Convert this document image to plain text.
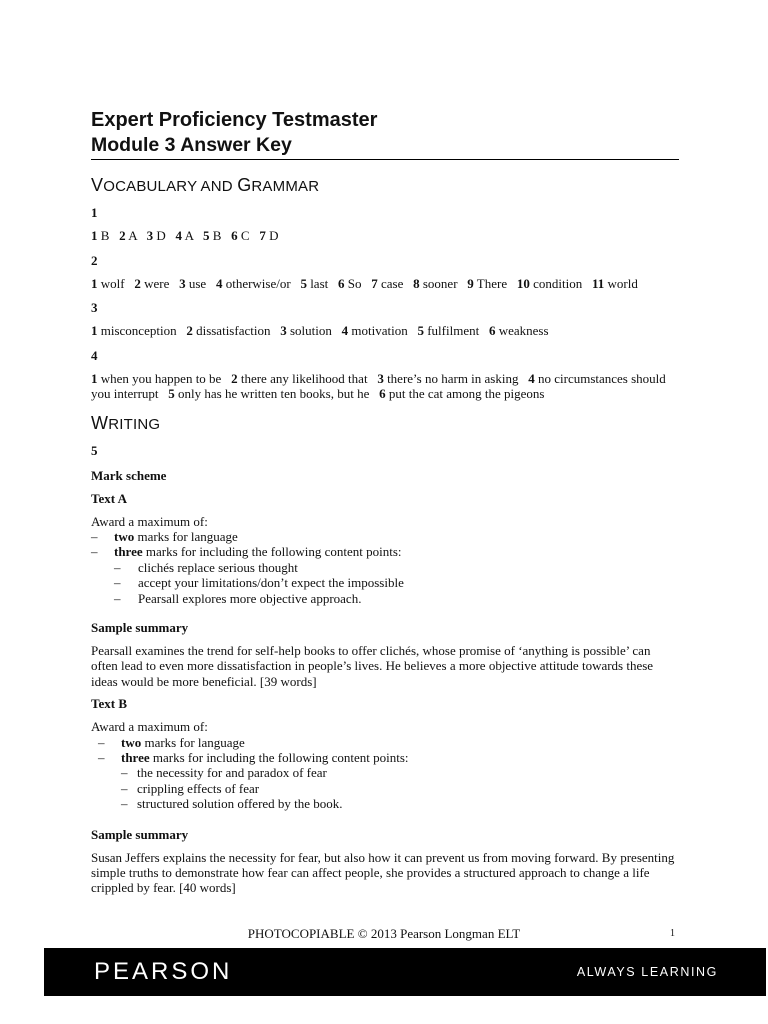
Expert Proficiency Testmaster
Module 3 Answer Key
VOCABULARY AND GRAMMAR
1
1 B 2 A 3 D 4 A 5 B 6 C 7 D
2
1 wolf 2 were 3 use 4 otherwise/or 5 last 6 So 7 case 8 sooner 9 There 10 condition 11 world
3
1 misconception 2 dissatisfaction 3 solution 4 motivation 5 fulfilment 6 weakness
4
1 when you happen to be 2 there any likelihood that 3 there’s no harm in asking 4 no circumstances should you interrupt 5 only has he written ten books, but he 6 put the cat among the pigeons
WRITING
5
Mark scheme
Text A
Award a maximum of:
– two marks for language
– three marks for including the following content points:
– clichés replace serious thought
– accept your limitations/don’t expect the impossible
– Pearsall explores more objective approach.
Sample summary
Pearsall examines the trend for self-help books to offer clichés, whose promise of ‘anything is possible’ can often lead to even more dissatisfaction in people’s lives. He believes a more objective attitude towards these ideas would be more beneficial. [39 words]
Text B
Award a maximum of:
– two marks for language
– three marks for including the following content points:
– the necessity for and paradox of fear
– crippling effects of fear
– structured solution offered by the book.
Sample summary
Susan Jeffers explains the necessity for fear, but also how it can prevent us from moving forward. By presenting simple truths to demonstrate how fear can affect people, she provides a structured approach to change a life crippled by fear. [40 words]
PHOTOCOPIABLE © 2013 Pearson Longman ELT	1
PEARSON	ALWAYS LEARNING
